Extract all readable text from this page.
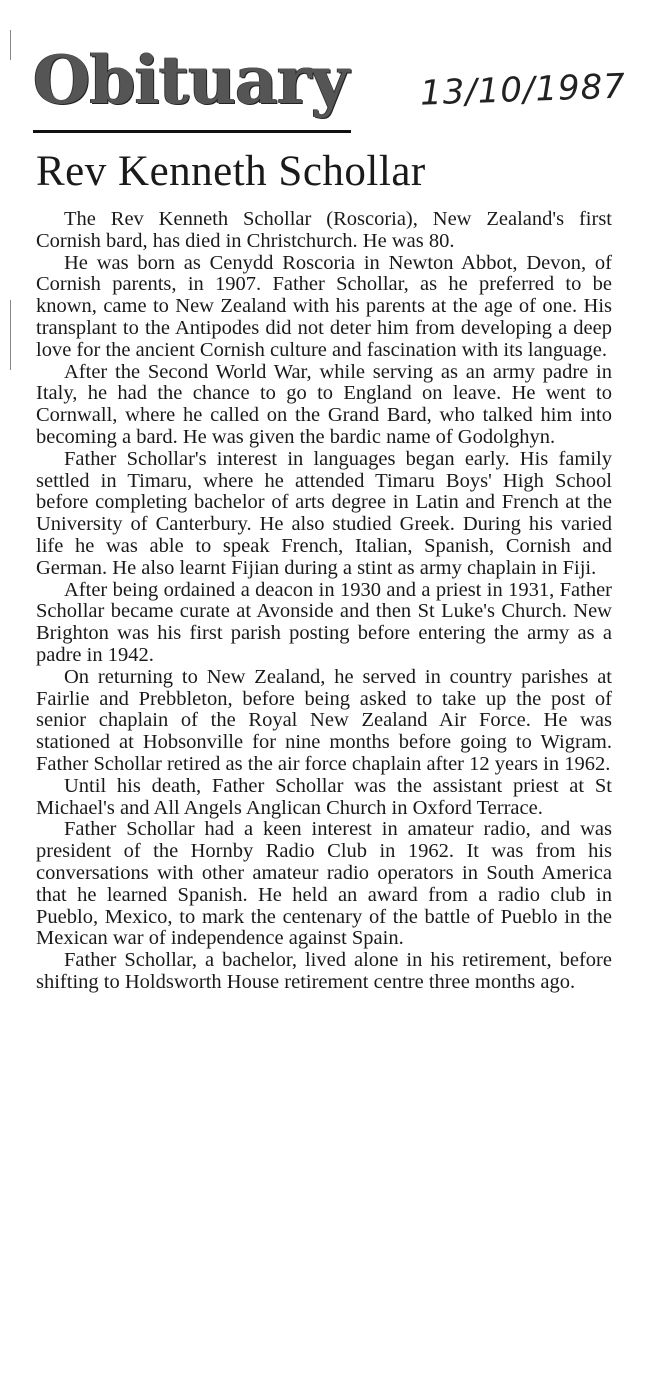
Obituary 13/10/1987
Rev Kenneth Schollar

The Rev Kenneth Schollar (Roscoria), New Zealand's first Cornish bard, has died in Christchurch. He was 80.

He was born as Cenydd Roscoria in Newton Abbot, Devon, of Cornish parents, in 1907. Father Schollar, as he preferred to be known, came to New Zealand with his parents at the age of one. His transplant to the Antipodes did not deter him from developing a deep love for the ancient Cornish culture and fascination with its language.

After the Second World War, while serving as an army padre in Italy, he had the chance to go to England on leave. He went to Cornwall, where he called on the Grand Bard, who talked him into becoming a bard. He was given the bardic name of Godolghyn.

Father Schollar's interest in languages began early. His family settled in Timaru, where he attended Timaru Boys' High School before completing bachelor of arts degree in Latin and French at the University of Canterbury. He also studied Greek. During his varied life he was able to speak French, Italian, Spanish, Cornish and German. He also learnt Fijian during a stint as army chaplain in Fiji.

After being ordained a deacon in 1930 and a priest in 1931, Father Schollar became curate at Avonside and then St Luke's Church. New Brighton was his first parish posting before entering the army as a padre in 1942.

On returning to New Zealand, he served in country parishes at Fairlie and Prebbleton, before being asked to take up the post of senior chaplain of the Royal New Zealand Air Force. He was stationed at Hobsonville for nine months before going to Wigram. Father Schollar retired as the air force chaplain after 12 years in 1962.

Until his death, Father Schollar was the assistant priest at St Michael's and All Angels Anglican Church in Oxford Terrace.

Father Schollar had a keen interest in amateur radio, and was president of the Hornby Radio Club in 1962. It was from his conversations with other amateur radio operators in South America that he learned Spanish. He held an award from a radio club in Pueblo, Mexico, to mark the centenary of the battle of Pueblo in the Mexican war of independence against Spain.

Father Schollar, a bachelor, lived alone in his retirement, before shifting to Holdsworth House retirement centre three months ago.
